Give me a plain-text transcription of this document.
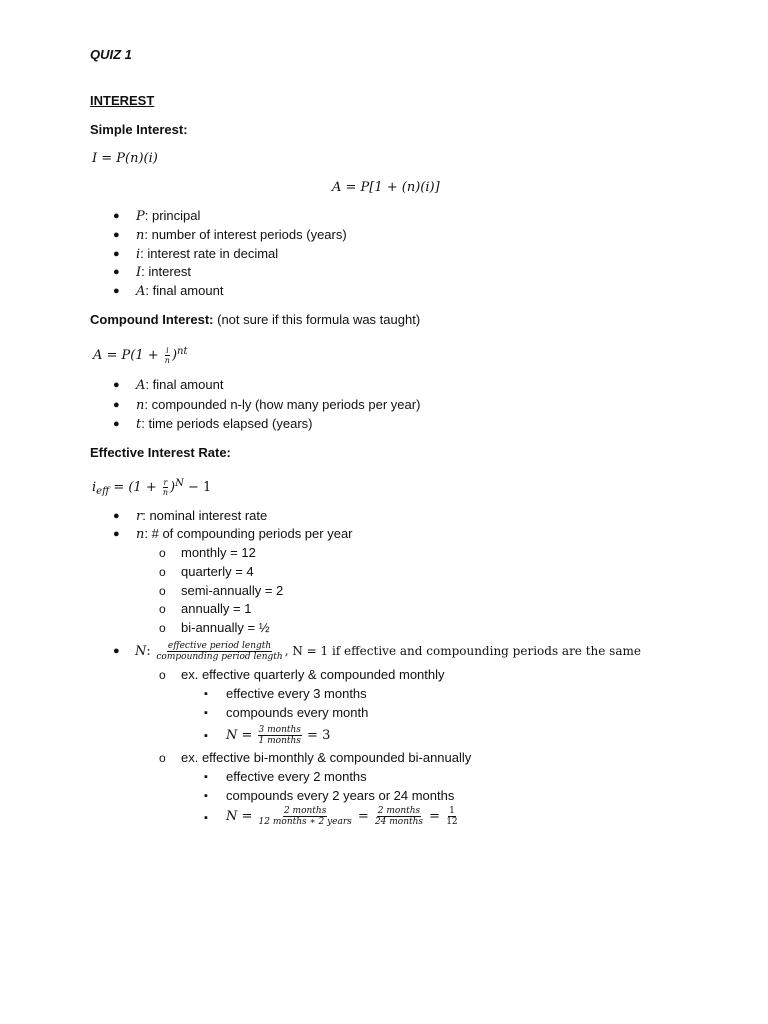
QUIZ 1
INTEREST
Simple Interest:
I = P(n)(i)
A = P[1 + (n)(i)]
● P: principal
● n: number of interest periods (years)
● i: interest rate in decimal
● I: interest
● A: final amount
Compound Interest: (not sure if this formula was taught)
$A = P(1 + \frac{i}{n} )^{nt}$
● A: final amount
● n: compounded n-ly (how many periods per year)
● t: time periods elapsed (years)
Effective Interest Rate:
$i_{eff} = (1 + \frac{r}{n} )^N - 1$
● r: nominal interest rate
● n: # of compounding periods per year
o monthly = 12
o quarterly = 4
o semi-annually = 2
o annually = 1
o bi-annually = ½
● N: $\frac{\text{effective period length}}{\text{compounding period length}}$ , N = 1 if effective and compounding periods are the same
o ex. effective quarterly & compounded monthly
▪ effective every 3 months
▪ compounds every month
▪ $N = \frac{\text{3 months}}{\text{1 months}} = 3$
o ex. effective bi-monthly & compounded bi-annually
▪ effective every 2 months
▪ compounds every 2 years or 24 months
▪ $N = \frac{\text{2 months}}{\text{12 months ∗ 2 years}} = \frac{\text{2 months}}{\text{24 months}} = \frac{1}{12}$
